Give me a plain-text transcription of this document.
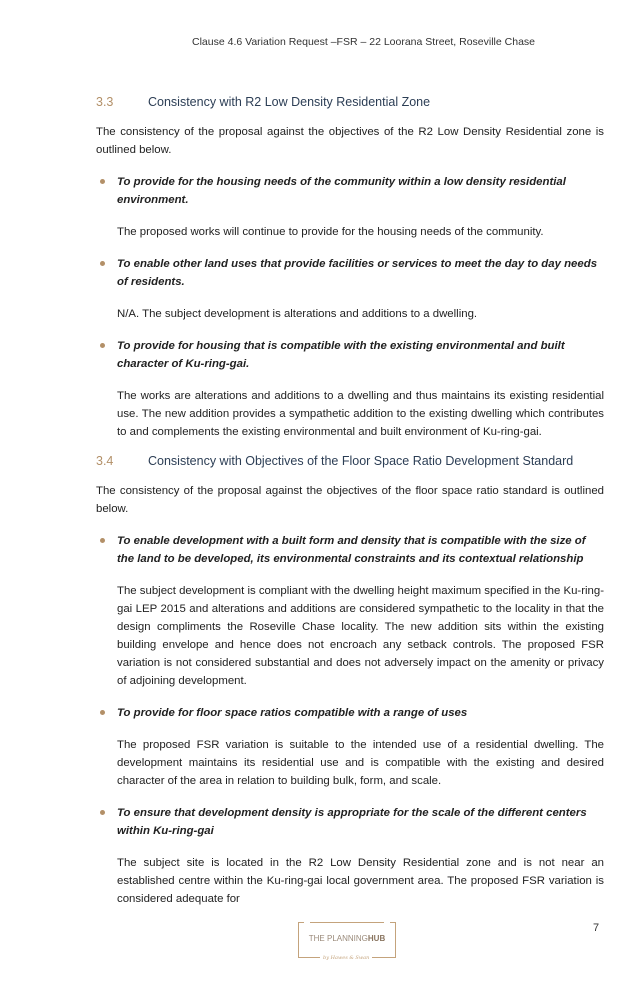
Clause 4.6 Variation Request –FSR – 22 Loorana Street, Roseville Chase
3.3	Consistency with R2 Low Density Residential Zone
The consistency of the proposal against the objectives of the R2 Low Density Residential zone is outlined below.
To provide for the housing needs of the community within a low density residential environment.
The proposed works will continue to provide for the housing needs of the community.
To enable other land uses that provide facilities or services to meet the day to day needs of residents.
N/A. The subject development is alterations and additions to a dwelling.
To provide for housing that is compatible with the existing environmental and built character of Ku-ring-gai.
The works are alterations and additions to a dwelling and thus maintains its existing residential use. The new addition provides a sympathetic addition to the existing dwelling which contributes to and complements the existing environmental and built environment of Ku-ring-gai.
3.4	Consistency with Objectives of the Floor Space Ratio Development Standard
The consistency of the proposal against the objectives of the floor space ratio standard is outlined below.
To enable development with a built form and density that is compatible with the size of the land to be developed, its environmental constraints and its contextual relationship
The subject development is compliant with the dwelling height maximum specified in the Ku-ring-gai LEP 2015 and alterations and additions are considered sympathetic to the locality in that the design compliments the Roseville Chase locality. The new addition sits within the existing building envelope and hence does not encroach any setback controls. The proposed FSR variation is not considered substantial and does not adversely impact on the amenity or privacy of adjoining development.
To provide for floor space ratios compatible with a range of uses
The proposed FSR variation is suitable to the intended use of a residential dwelling. The development maintains its residential use and is compatible with the existing and desired character of the area in relation to building bulk, form, and scale.
To ensure that development density is appropriate for the scale of the different centers within Ku-ring-gai
The subject site is located in the R2 Low Density Residential zone and is not near an established centre within the Ku-ring-gai local government area. The proposed FSR variation is considered adequate for
THE PLANNINGHUB
by Hawes & Swan
7
